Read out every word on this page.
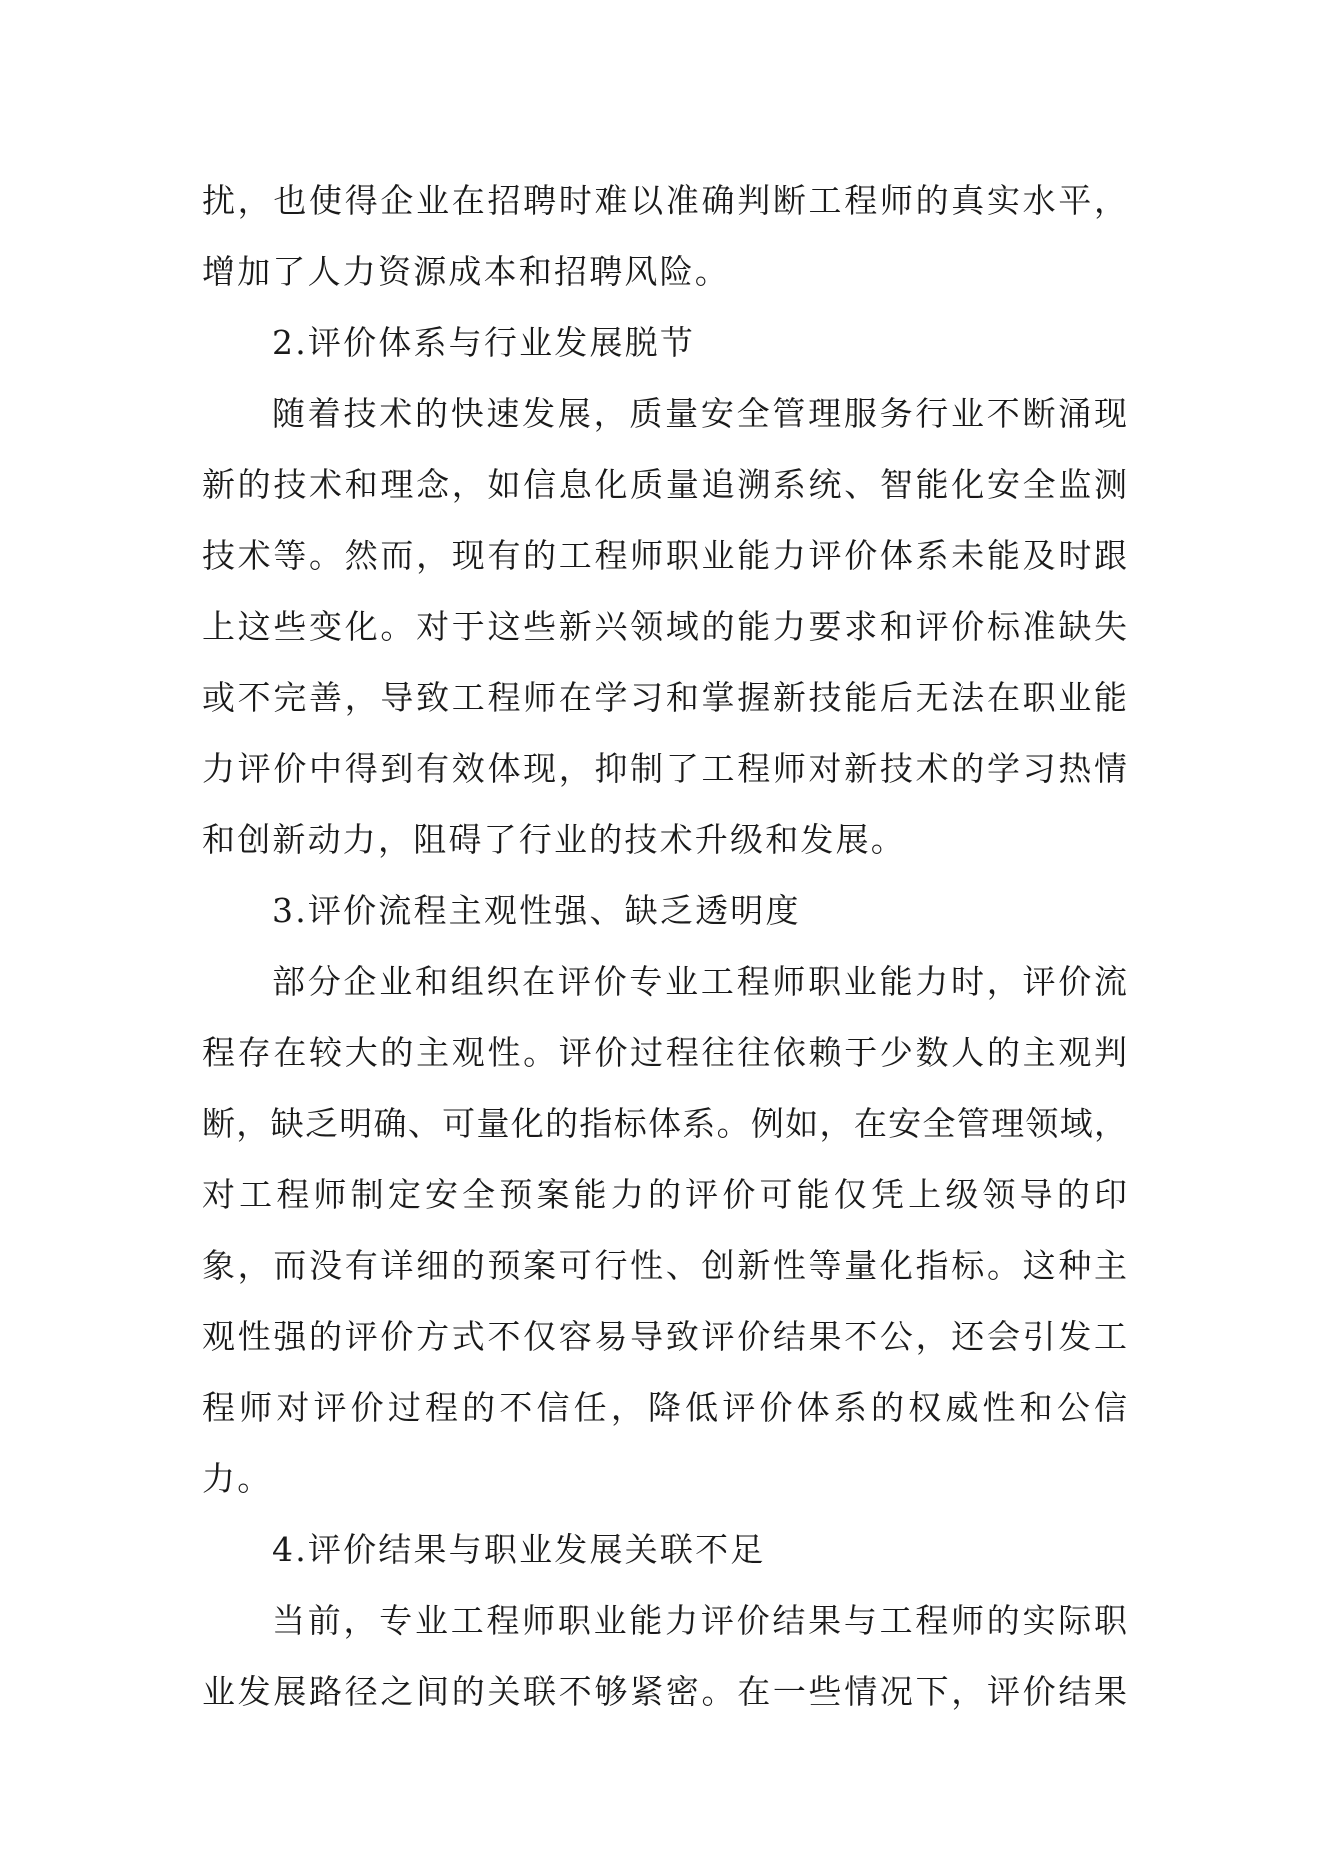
扰，也使得企业在招聘时难以准确判断工程师的真实水平，
增加了人力资源成本和招聘风险。
2.评价体系与行业发展脱节
随着技术的快速发展，质量安全管理服务行业不断涌现
新的技术和理念，如信息化质量追溯系统、智能化安全监测
技术等。然而，现有的工程师职业能力评价体系未能及时跟
上这些变化。对于这些新兴领域的能力要求和评价标准缺失
或不完善，导致工程师在学习和掌握新技能后无法在职业能
力评价中得到有效体现，抑制了工程师对新技术的学习热情
和创新动力，阻碍了行业的技术升级和发展。
3.评价流程主观性强、缺乏透明度
部分企业和组织在评价专业工程师职业能力时，评价流
程存在较大的主观性。评价过程往往依赖于少数人的主观判
断，缺乏明确、可量化的指标体系。例如，在安全管理领域，
对工程师制定安全预案能力的评价可能仅凭上级领导的印
象，而没有详细的预案可行性、创新性等量化指标。这种主
观性强的评价方式不仅容易导致评价结果不公，还会引发工
程师对评价过程的不信任，降低评价体系的权威性和公信
力。
4.评价结果与职业发展关联不足
当前，专业工程师职业能力评价结果与工程师的实际职
业发展路径之间的关联不够紧密。在一些情况下，评价结果
